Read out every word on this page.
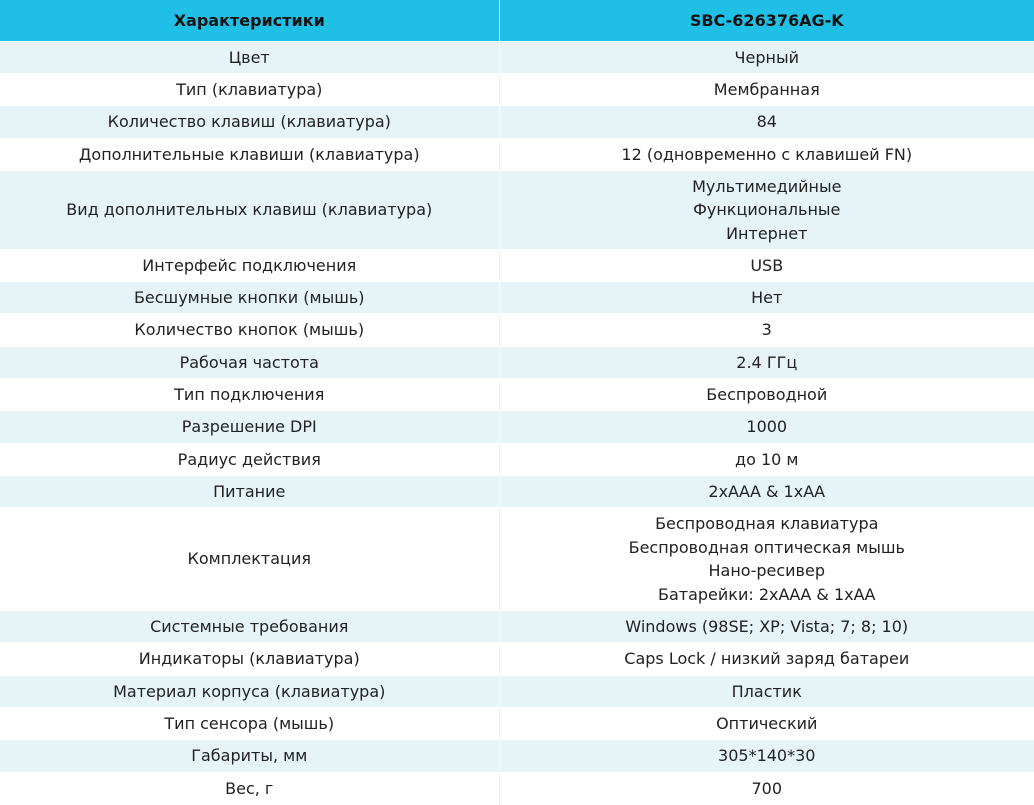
Характеристики	SBC-626376AG-K
Цвет	Черный

Тип (клавиатура)	Мембранная

Количество клавиш (клавиатура)	84

Дополнительные клавиши (клавиатура)	12 (одновременно с клавишей FN)

Вид дополнительных клавиш (клавиатура)	Мультимедийные
Функциональные
Интернет

Интерфейс подключения	USB

Бесшумные кнопки (мышь)	Нет

Количество кнопок (мышь)	3

Рабочая частота	2.4 ГГц

Тип подключения	Беспроводной

Разрешение DPI	1000

Радиус действия	до 10 м

Питание	2хААА & 1хАА

Комплектация	Беспроводная клавиатура
Беспроводная оптическая мышь
Нано-ресивер
Батарейки: 2хААА & 1хАА

Системные требования	Windows (98SE; XP; Vista; 7; 8; 10)

Индикаторы (клавиатура)	Caps Lock / низкий заряд батареи

Материал корпуса (клавиатура)	Пластик

Тип сенсора (мышь)	Оптический

Габариты, мм	305*140*30

Вес, г	700
